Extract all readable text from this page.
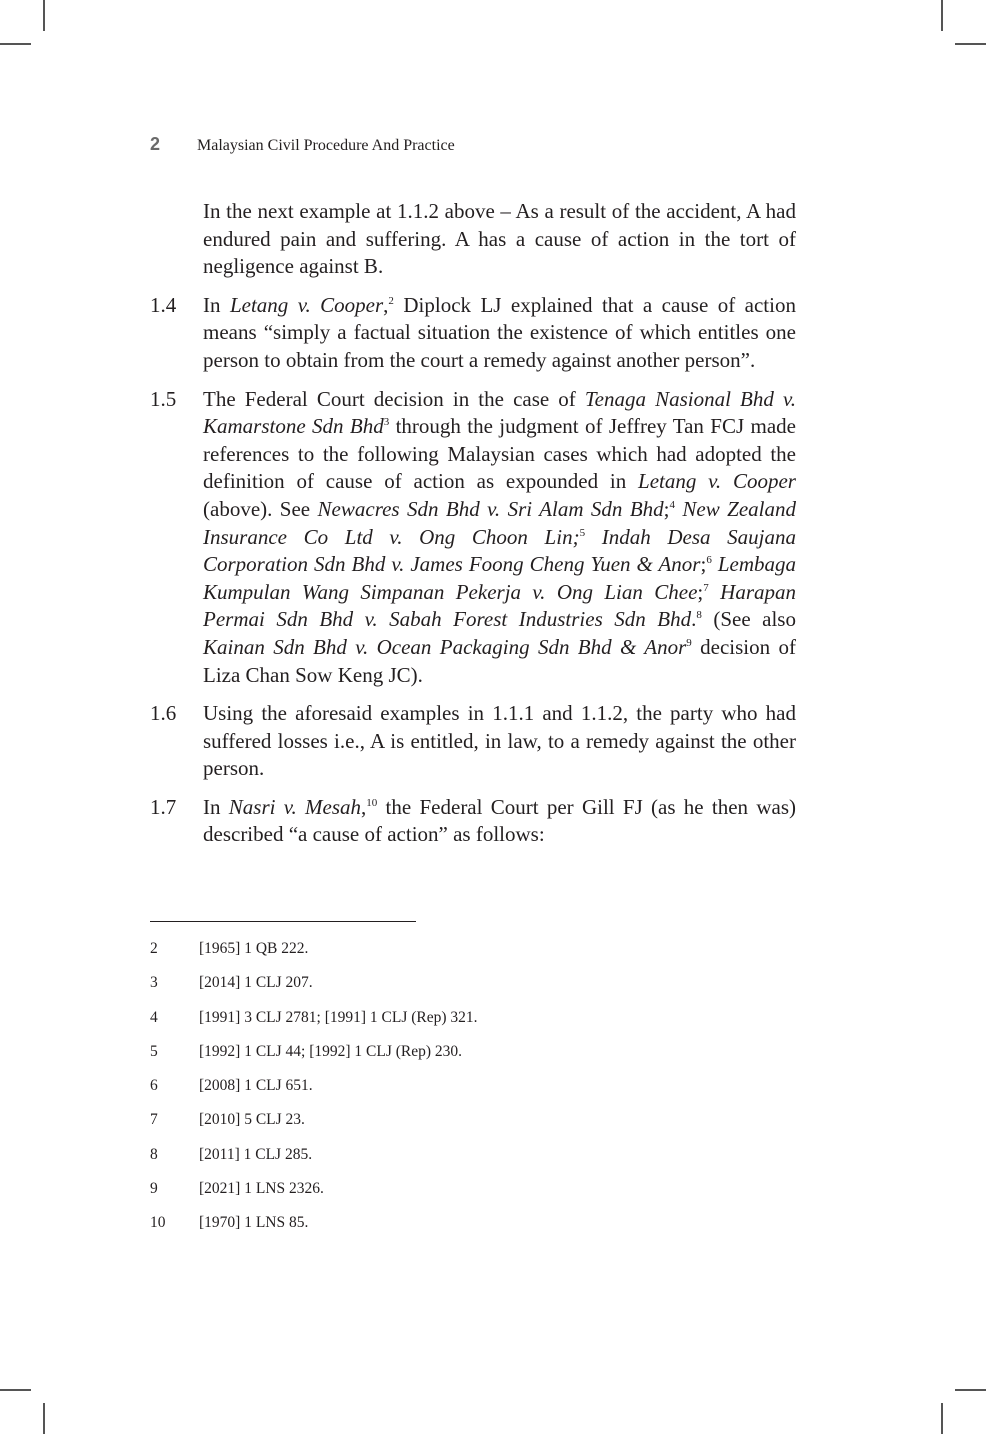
2	Malaysian Civil Procedure And Practice
In the next example at 1.1.2 above – As a result of the accident, A had endured pain and suffering. A has a cause of action in the tort of negligence against B.
1.4	In Letang v. Cooper,$^2$ Diplock LJ explained that a cause of action means “simply a factual situation the existence of which entitles one person to obtain from the court a remedy against another person”.
1.5	The Federal Court decision in the case of Tenaga Nasional Bhd v. Kamarstone Sdn Bhd$^3$ through the judgment of Jeffrey Tan FCJ made references to the following Malaysian cases which had adopted the definition of cause of action as expounded in Letang v. Cooper (above). See Newacres Sdn Bhd v. Sri Alam Sdn Bhd;$^4$ New Zealand Insurance Co Ltd v. Ong Choon Lin;$^5$ Indah Desa Saujana Corporation Sdn Bhd v. James Foong Cheng Yuen & Anor;$^6$ Lembaga Kumpulan Wang Simpanan Pekerja v. Ong Lian Chee;$^7$ Harapan Permai Sdn Bhd v. Sabah Forest Industries Sdn Bhd.$^8$ (See also Kainan Sdn Bhd v. Ocean Packaging Sdn Bhd & Anor$^9$ decision of Liza Chan Sow Keng JC).
1.6	Using the aforesaid examples in 1.1.1 and 1.1.2, the party who had suffered losses i.e., A is entitled, in law, to a remedy against the other person.
1.7	In Nasri v. Mesah,$^{10}$ the Federal Court per Gill FJ (as he then was) described “a cause of action” as follows:
2	[1965] 1 QB 222.
3	[2014] 1 CLJ 207.
4	[1991] 3 CLJ 2781; [1991] 1 CLJ (Rep) 321.
5	[1992] 1 CLJ 44; [1992] 1 CLJ (Rep) 230.
6	[2008] 1 CLJ 651.
7	[2010] 5 CLJ 23.
8	[2011] 1 CLJ 285.
9	[2021] 1 LNS 2326.
10	[1970] 1 LNS 85.
